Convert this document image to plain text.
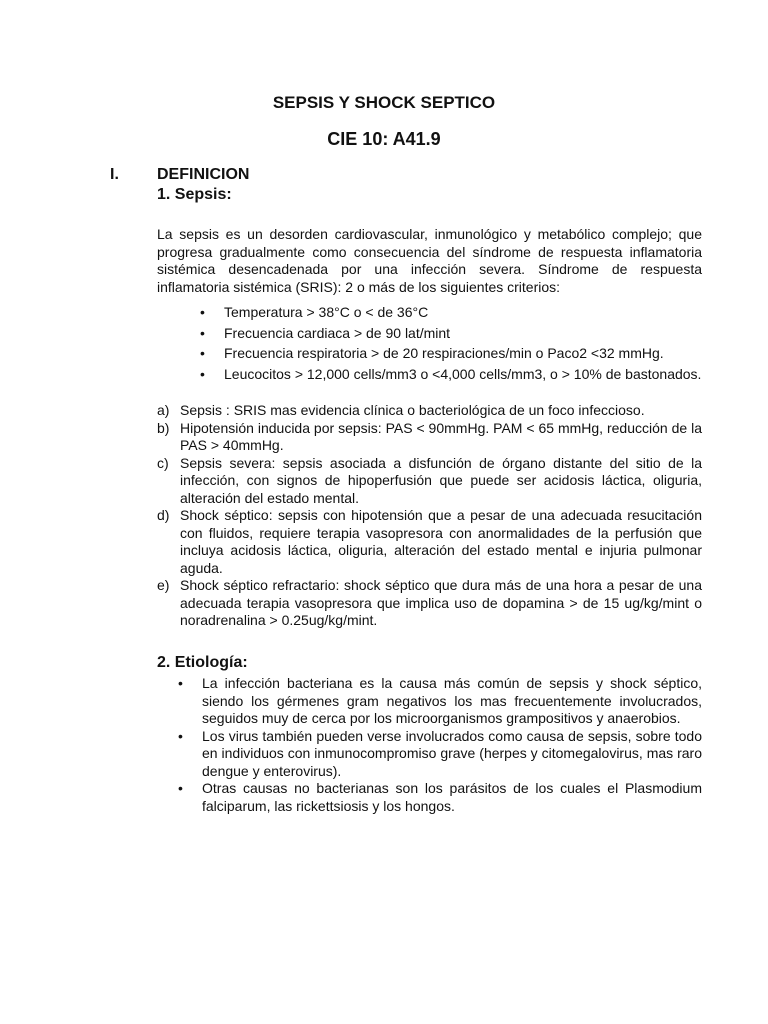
SEPSIS Y SHOCK SEPTICO
CIE 10: A41.9
I. DEFINICION
1. Sepsis:
La sepsis es un desorden cardiovascular, inmunológico y metabólico complejo; que progresa gradualmente como consecuencia del síndrome de respuesta inflamatoria sistémica desencadenada por una infección severa. Síndrome de respuesta inflamatoria sistémica (SRIS): 2 o más de los siguientes criterios:
• Temperatura > 38°C o < de 36°C
• Frecuencia cardiaca > de 90 lat/mint
• Frecuencia respiratoria > de 20 respiraciones/min o Paco2 <32 mmHg.
• Leucocitos > 12,000 cells/mm3 o <4,000 cells/mm3, o > 10% de bastonados.
a) Sepsis : SRIS mas evidencia clínica o bacteriológica de un foco infeccioso.
b) Hipotensión inducida por sepsis: PAS < 90mmHg. PAM < 65 mmHg, reducción de la PAS > 40mmHg.
c) Sepsis severa: sepsis asociada a disfunción de órgano distante del sitio de la infección, con signos de hipoperfusión que puede ser acidosis láctica, oliguria, alteración del estado mental.
d) Shock séptico: sepsis con hipotensión que a pesar de una adecuada resucitación con fluidos, requiere terapia vasopresora con anormalidades de la perfusión que incluya acidosis láctica, oliguria, alteración del estado mental e injuria pulmonar aguda.
e) Shock séptico refractario: shock séptico que dura más de una hora a pesar de una adecuada terapia vasopresora que implica uso de dopamina > de 15 ug/kg/mint o noradrenalina > 0.25ug/kg/mint.
2. Etiología:
• La infección bacteriana es la causa más común de sepsis y shock séptico, siendo los gérmenes gram negativos los mas frecuentemente involucrados, seguidos muy de cerca por los microorganismos grampositivos y anaerobios.
• Los virus también pueden verse involucrados como causa de sepsis, sobre todo en individuos con inmunocompromiso grave (herpes y citomegalovirus, mas raro dengue y enterovirus).
• Otras causas no bacterianas son los parásitos de los cuales el Plasmodium falciparum, las rickettsiosis y los hongos.
